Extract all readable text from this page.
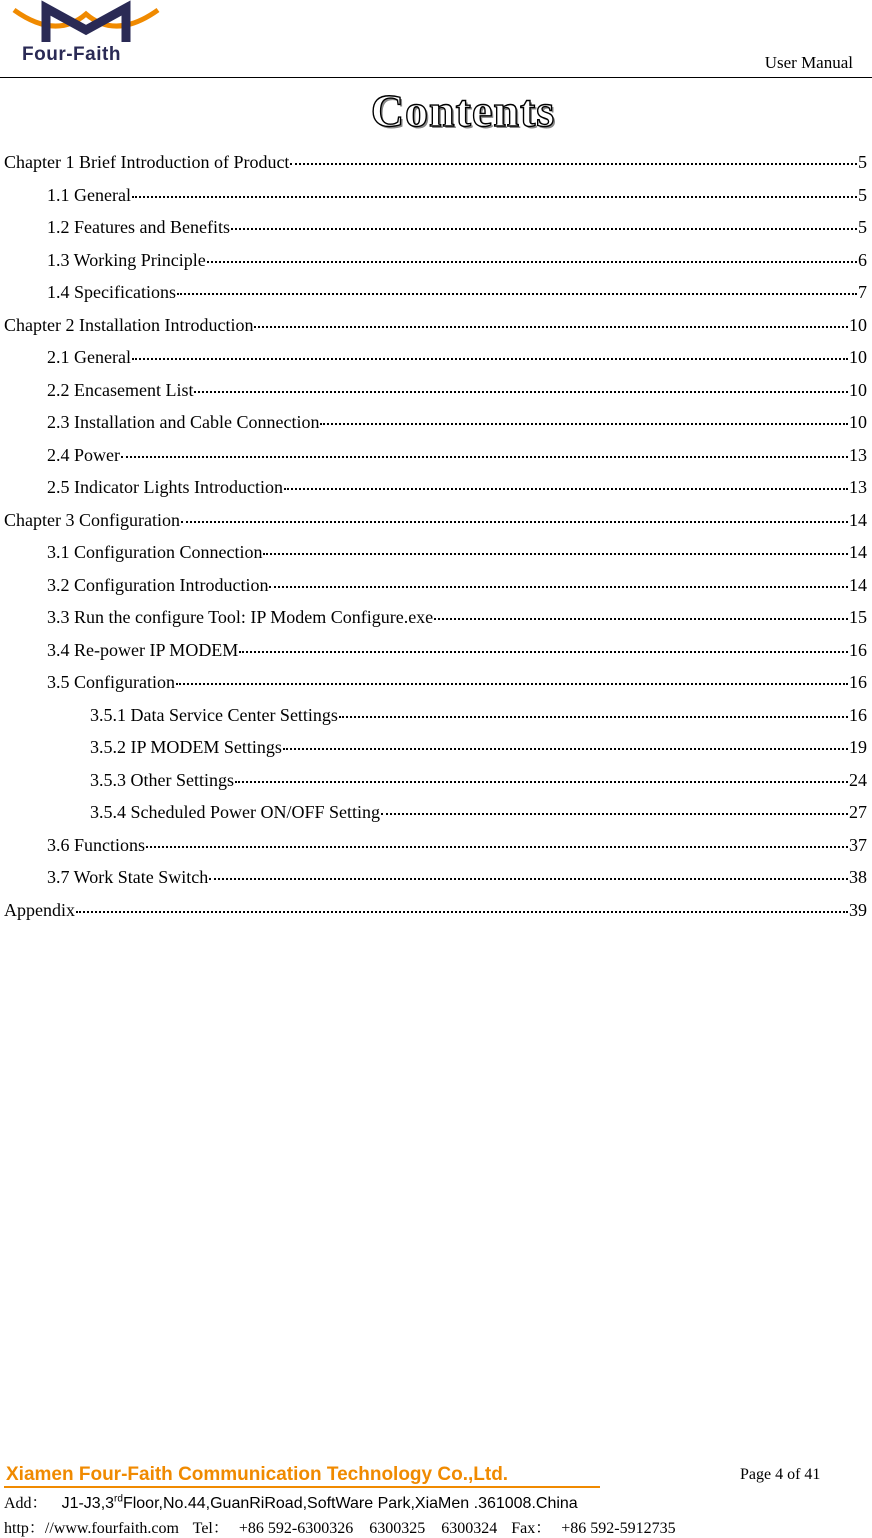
Four-Faith	User Manual
Contents
Chapter 1 Brief Introduction of Product	5
1.1 General	5
1.2 Features and Benefits	5
1.3 Working Principle	6
1.4 Specifications	7
Chapter 2 Installation Introduction	10
2.1 General	10
2.2 Encasement List	10
2.3 Installation and Cable Connection	10
2.4 Power	13
2.5 Indicator Lights Introduction	13
Chapter 3 Configuration	14
3.1 Configuration Connection	14
3.2 Configuration Introduction	14
3.3 Run the configure Tool: IP Modem Configure.exe	15
3.4 Re-power IP MODEM	16
3.5 Configuration	16
3.5.1 Data Service Center Settings	16
3.5.2 IP MODEM Settings	19
3.5.3 Other Settings	24
3.5.4 Scheduled Power ON/OFF Setting	27
3.6 Functions	37
3.7 Work State Switch	38
Appendix	39
Xiamen Four-Faith Communication Technology Co.,Ltd.	Page 4 of 41
Add： J1-J3,3rdFloor,No.44,GuanRiRoad,SoftWare Park,XiaMen .361008.China
http：//www.fourfaith.com Tel： +86 592-6300326　6300325　6300324 Fax： +86 592-5912735
